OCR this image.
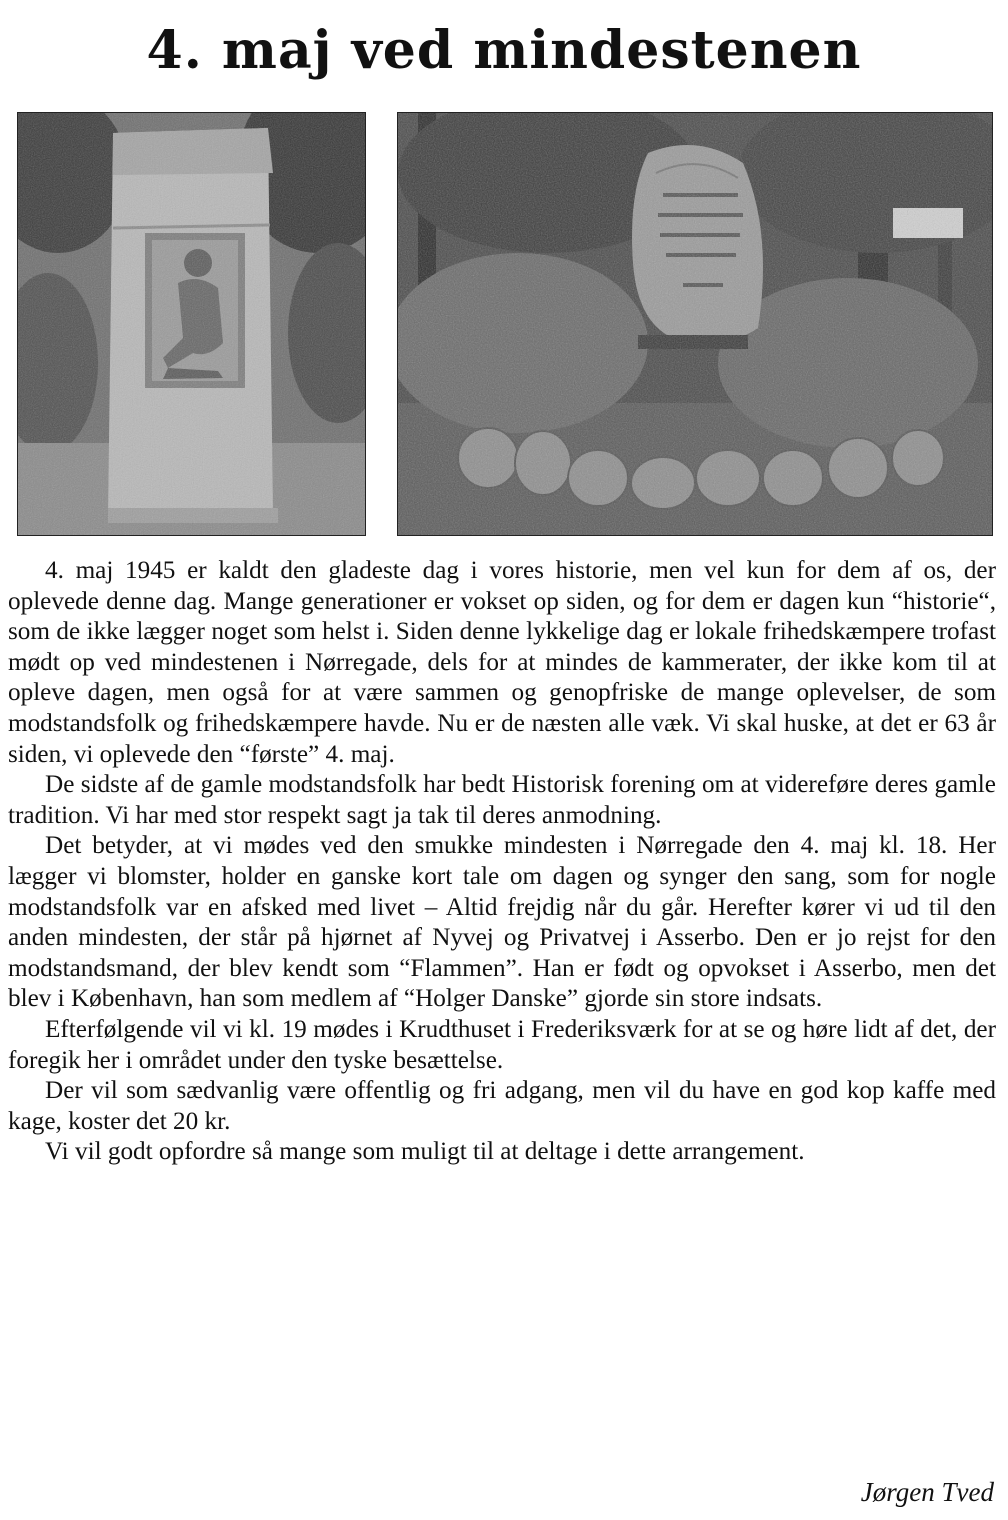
4. maj ved mindestenen

4. maj 1945 er kaldt den gladeste dag i vores historie, men vel kun for dem af os, der oplevede denne dag. Mange generationer er vokset op siden, og for dem er dagen kun “historie“, som de ikke lægger noget som helst i. Siden denne lykkelige dag er lokale frihedskæmpere trofast mødt op ved mindestenen i Nørregade, dels for at mindes de kammerater, der ikke kom til at opleve dagen, men også for at være sammen og genopfriske de mange oplevelser, de som modstandsfolk og frihedskæmpere havde. Nu er de næsten alle væk. Vi skal huske, at det er 63 år siden, vi oplevede den “første” 4. maj.

De sidste af de gamle modstandsfolk har bedt Historisk forening om at videreføre deres gamle tradition. Vi har med stor respekt sagt ja tak til deres anmodning.

Det betyder, at vi mødes ved den smukke mindesten i Nørregade den 4. maj kl. 18. Her lægger vi blomster, holder en ganske kort tale om dagen og synger den sang, som for nogle modstandsfolk var en afsked med livet – Altid frejdig når du går. Herefter kører vi ud til den anden mindesten, der står på hjørnet af Nyvej og Privatvej i Asserbo. Den er jo rejst for den modstandsmand, der blev kendt som “Flammen”. Han er født og opvokset i Asserbo, men det blev i København, han som medlem af “Holger Danske” gjorde sin store indsats.

Efterfølgende vil vi kl. 19 mødes i Krudthuset i Frederiksværk for at se og høre lidt af det, der foregik her i området under den tyske besættelse.

Der vil som sædvanlig være offentlig og fri adgang, men vil du have en god kop kaffe med kage, koster det 20 kr.

Vi vil godt opfordre så mange som muligt til at deltage i dette arrangement.

Jørgen Tved
